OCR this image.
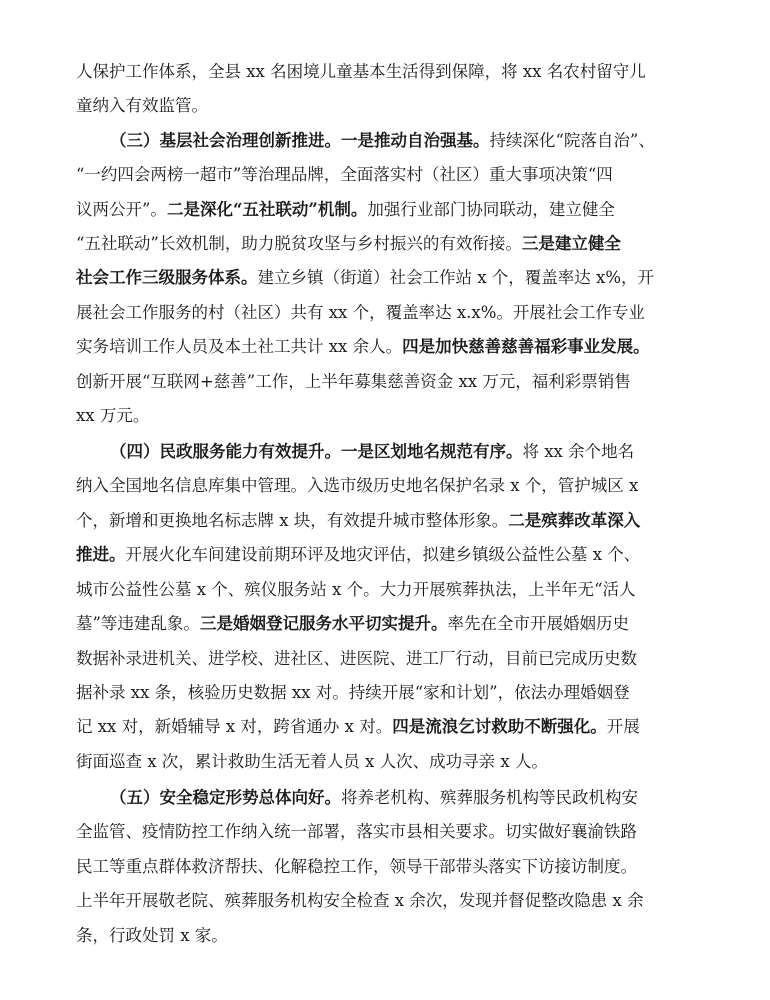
人保护工作体系，全县 xx 名困境儿童基本生活得到保障，将 xx 名农村留守儿
童纳入有效监管。
（三）基层社会治理创新推进。一是推动自治强基。持续深化“院落自治”、
“一约四会两榜一超市”等治理品牌，全面落实村（社区）重大事项决策“四
议两公开”。二是深化“五社联动”机制。加强行业部门协同联动，建立健全
“五社联动”长效机制，助力脱贫攻坚与乡村振兴的有效衔接。三是建立健全
社会工作三级服务体系。建立乡镇（街道）社会工作站 x 个，覆盖率达 x%，开
展社会工作服务的村（社区）共有 xx 个，覆盖率达 x.x%。开展社会工作专业
实务培训工作人员及本土社工共计 xx 余人。四是加快慈善慈善福彩事业发展。
创新开展“互联网+慈善”工作，上半年募集慈善资金 xx 万元，福利彩票销售
xx 万元。
（四）民政服务能力有效提升。一是区划地名规范有序。将 xx 余个地名
纳入全国地名信息库集中管理。入选市级历史地名保护名录 x 个，管护城区 x
个，新增和更换地名标志牌 x 块，有效提升城市整体形象。二是殡葬改革深入
推进。开展火化车间建设前期环评及地灾评估，拟建乡镇级公益性公墓 x 个、
城市公益性公墓 x 个、殡仪服务站 x 个。大力开展殡葬执法，上半年无“活人
墓”等违建乱象。三是婚姻登记服务水平切实提升。率先在全市开展婚姻历史
数据补录进机关、进学校、进社区、进医院、进工厂行动，目前已完成历史数
据补录 xx 条，核验历史数据 xx 对。持续开展“家和计划”，依法办理婚姻登
记 xx 对，新婚辅导 x 对，跨省通办 x 对。四是流浪乞讨救助不断强化。开展
街面巡查 x 次，累计救助生活无着人员 x 人次、成功寻亲 x 人。
（五）安全稳定形势总体向好。将养老机构、殡葬服务机构等民政机构安
全监管、疫情防控工作纳入统一部署，落实市县相关要求。切实做好襄渝铁路
民工等重点群体救济帮扶、化解稳控工作，领导干部带头落实下访接访制度。
上半年开展敬老院、殡葬服务机构安全检查 x 余次，发现并督促整改隐患 x 余
条，行政处罚 x 家。
